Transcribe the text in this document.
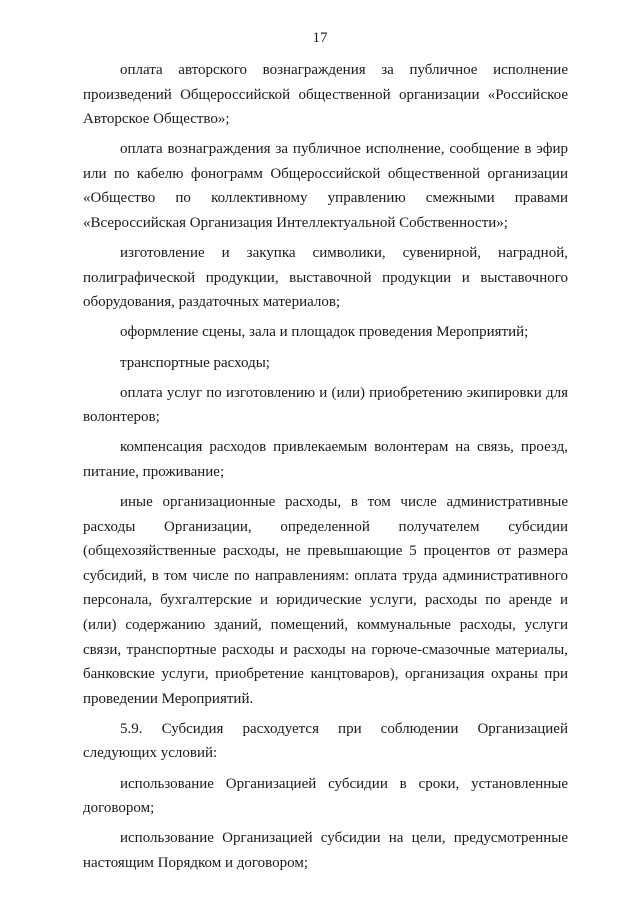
17

оплата авторского вознаграждения за публичное исполнение произведений Общероссийской общественной организации «Российское Авторское Общество»;

оплата вознаграждения за публичное исполнение, сообщение в эфир или по кабелю фонограмм Общероссийской общественной организации «Общество по коллективному управлению смежными правами «Всероссийская Организация Интеллектуальной Собственности»;

изготовление и закупка символики, сувенирной, наградной, полиграфической продукции, выставочной продукции и выставочного оборудования, раздаточных материалов;

оформление сцены, зала и площадок проведения Мероприятий;

транспортные расходы;

оплата услуг по изготовлению и (или) приобретению экипировки для волонтеров;

компенсация расходов привлекаемым волонтерам на связь, проезд, питание, проживание;

иные организационные расходы, в том числе административные расходы Организации, определенной получателем субсидии (общехозяйственные расходы, не превышающие 5 процентов от размера субсидий, в том числе по направлениям: оплата труда административного персонала, бухгалтерские и юридические услуги, расходы по аренде и (или) содержанию зданий, помещений, коммунальные расходы, услуги связи, транспортные расходы и расходы на горюче-смазочные материалы, банковские услуги, приобретение канцтоваров), организация охраны при проведении Мероприятий.

5.9. Субсидия расходуется при соблюдении Организацией следующих условий:

использование Организацией субсидии в сроки, установленные договором;

использование Организацией субсидии на цели, предусмотренные настоящим Порядком и договором;
